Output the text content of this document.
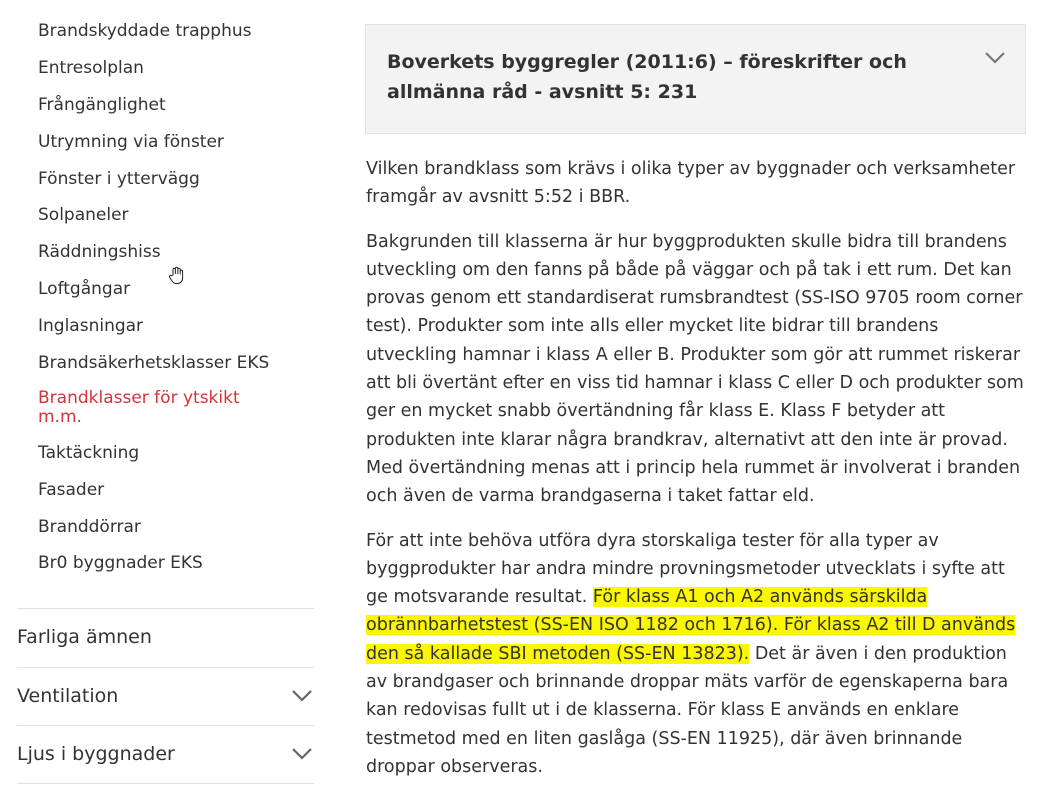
Brandskyddade trapphus
Entresolplan
Frångänglighet
Utrymning via fönster
Fönster i yttervägg
Solpaneler
Räddningshiss
Loftgångar
Inglasningar
Brandsäkerhetsklasser EKS
Brandklasser för ytskikt m.m.
Taktäckning
Fasader
Branddörrar
Br0 byggnader EKS
Farliga ämnen
Ventilation
Ljus i byggnader
Boverkets byggregler (2011:6) – föreskrifter och allmänna råd - avsnitt 5: 231

Vilken brandklass som krävs i olika typer av byggnader och verksamheter framgår av avsnitt 5:52 i BBR.

Bakgrunden till klasserna är hur byggprodukten skulle bidra till brandens utveckling om den fanns på både på väggar och på tak i ett rum. Det kan provas genom ett standardiserat rumsbrandtest (SS-ISO 9705 room corner test). Produkter som inte alls eller mycket lite bidrar till brandens utveckling hamnar i klass A eller B. Produkter som gör att rummet riskerar att bli övertänt efter en viss tid hamnar i klass C eller D och produkter som ger en mycket snabb övertändning får klass E. Klass F betyder att produkten inte klarar några brandkrav, alternativt att den inte är provad. Med övertändning menas att i princip hela rummet är involverat i branden och även de varma brandgaserna i taket fattar eld.

För att inte behöva utföra dyra storskaliga tester för alla typer av byggprodukter har andra mindre provningsmetoder utvecklats i syfte att ge motsvarande resultat. För klass A1 och A2 används särskilda obrännbarhetstest (SS-EN ISO 1182 och 1716). För klass A2 till D används den så kallade SBI metoden (SS-EN 13823). Det är även i den produktion av brandgaser och brinnande droppar mäts varför de egenskaperna bara kan redovisas fullt ut i de klasserna. För klass E används en enklare testmetod med en liten gaslåga (SS-EN 11925), där även brinnande droppar observeras.
